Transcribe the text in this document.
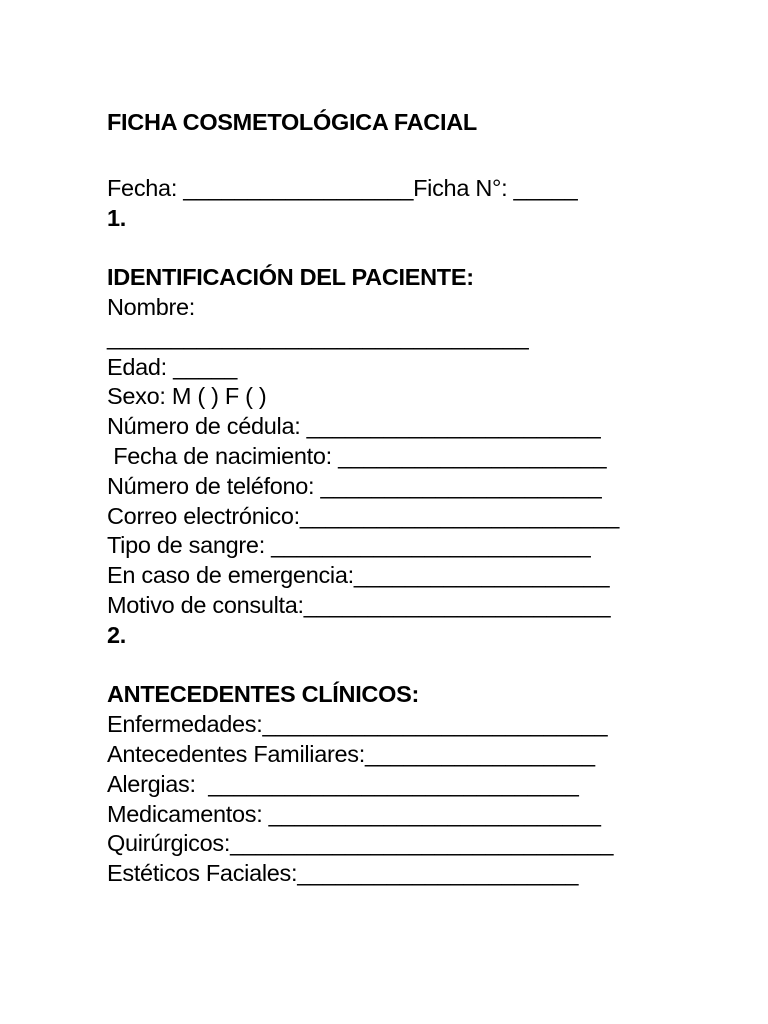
FICHA COSMETOLÓGICA FACIAL
Fecha: __________________Ficha N°: _____
1.
IDENTIFICACIÓN DEL PACIENTE:
Nombre:
_________________________________
Edad: _____
Sexo: M ( ) F ( )
Número de cédula: _______________________
Fecha de nacimiento: _____________________
Número de teléfono: ______________________
Correo electrónico:_________________________
Tipo de sangre: _________________________
En caso de emergencia:____________________
Motivo de consulta:________________________
2.
ANTECEDENTES CLÍNICOS:
Enfermedades:___________________________
Antecedentes Familiares:__________________
Alergias:  _____________________________
Medicamentos: __________________________
Quirúrgicos:______________________________
Estéticos Faciales:______________________
